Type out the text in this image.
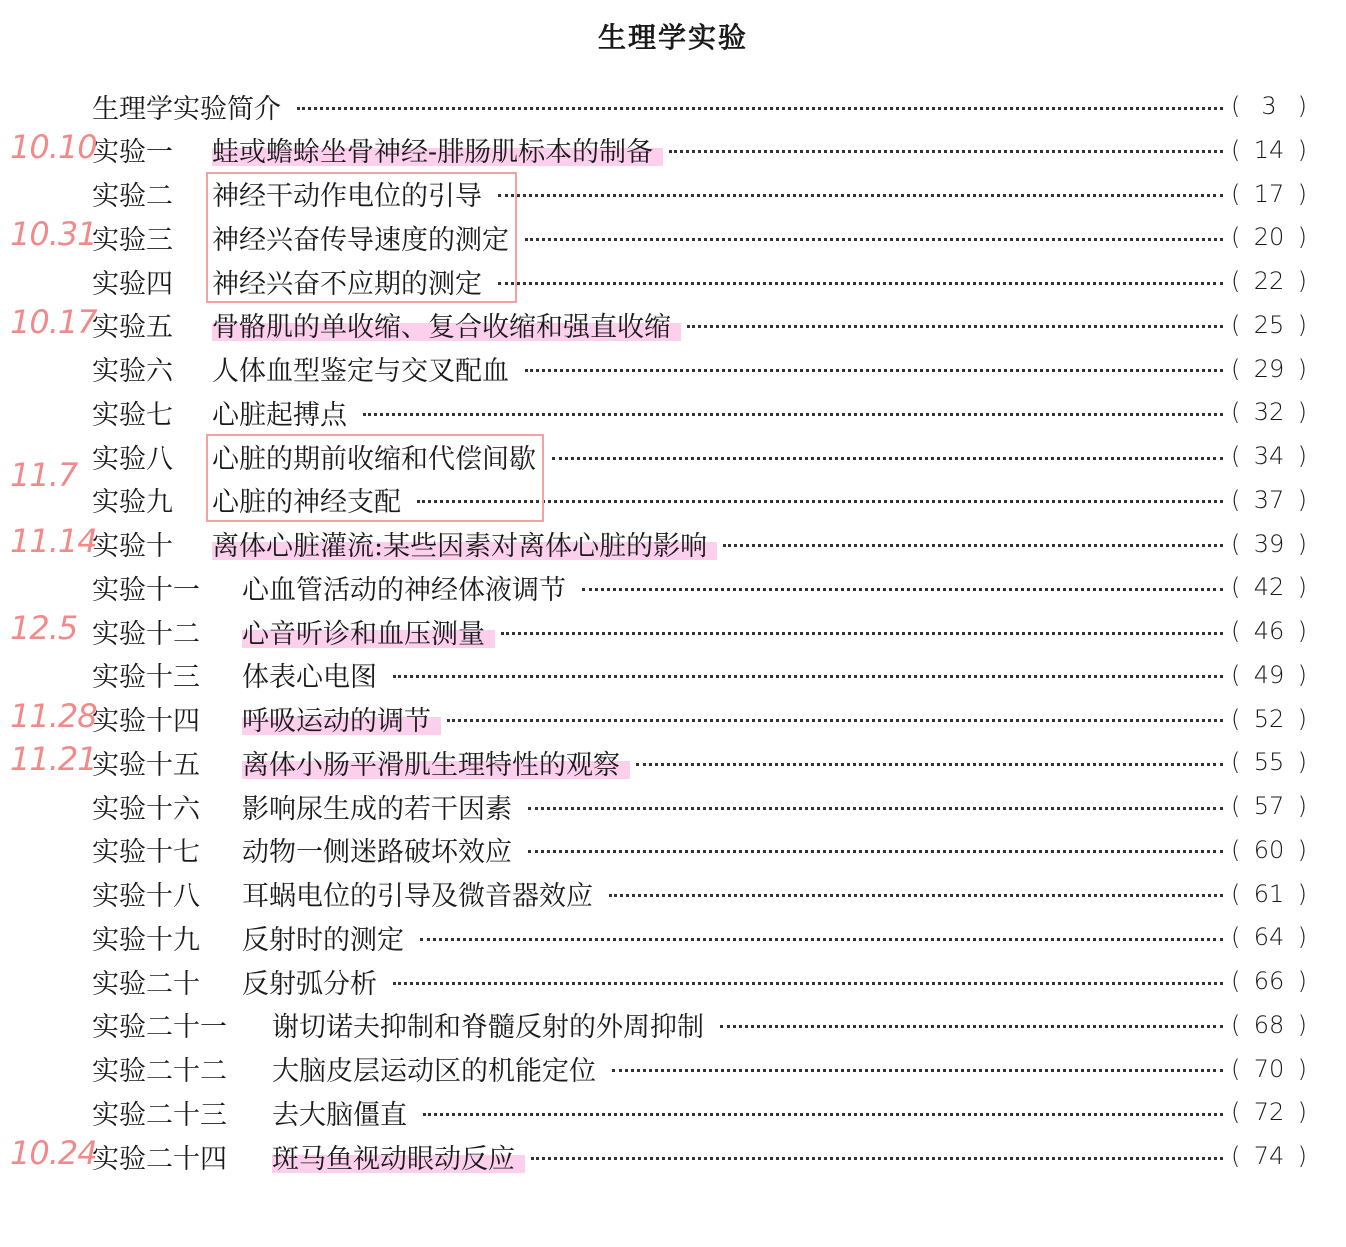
生理学实验
生理学实验简介	( 3 )
实验一	蛙或蟾蜍坐骨神经-腓肠肌标本的制备	( 14 )
实验二	神经干动作电位的引导	( 17 )
实验三	神经兴奋传导速度的测定	( 20 )
实验四	神经兴奋不应期的测定	( 22 )
实验五	骨骼肌的单收缩、复合收缩和强直收缩	( 25 )
实验六	人体血型鉴定与交叉配血	( 29 )
实验七	心脏起搏点	( 32 )
实验八	心脏的期前收缩和代偿间歇	( 34 )
实验九	心脏的神经支配	( 37 )
实验十	离体心脏灌流:某些因素对离体心脏的影响	( 39 )
实验十一	心血管活动的神经体液调节	( 42 )
实验十二	心音听诊和血压测量	( 46 )
实验十三	体表心电图	( 49 )
实验十四	呼吸运动的调节	( 52 )
实验十五	离体小肠平滑肌生理特性的观察	( 55 )
实验十六	影响尿生成的若干因素	( 57 )
实验十七	动物一侧迷路破坏效应	( 60 )
实验十八	耳蜗电位的引导及微音器效应	( 61 )
实验十九	反射时的测定	( 64 )
实验二十	反射弧分析	( 66 )
实验二十一	谢切诺夫抑制和脊髓反射的外周抑制	( 68 )
实验二十二	大脑皮层运动区的机能定位	( 70 )
实验二十三	去大脑僵直	( 72 )
实验二十四	斑马鱼视动眼动反应	( 74 )
10.10
10.31
10.17
11.7
11.14
12.5
11.28
11.21
10.24
